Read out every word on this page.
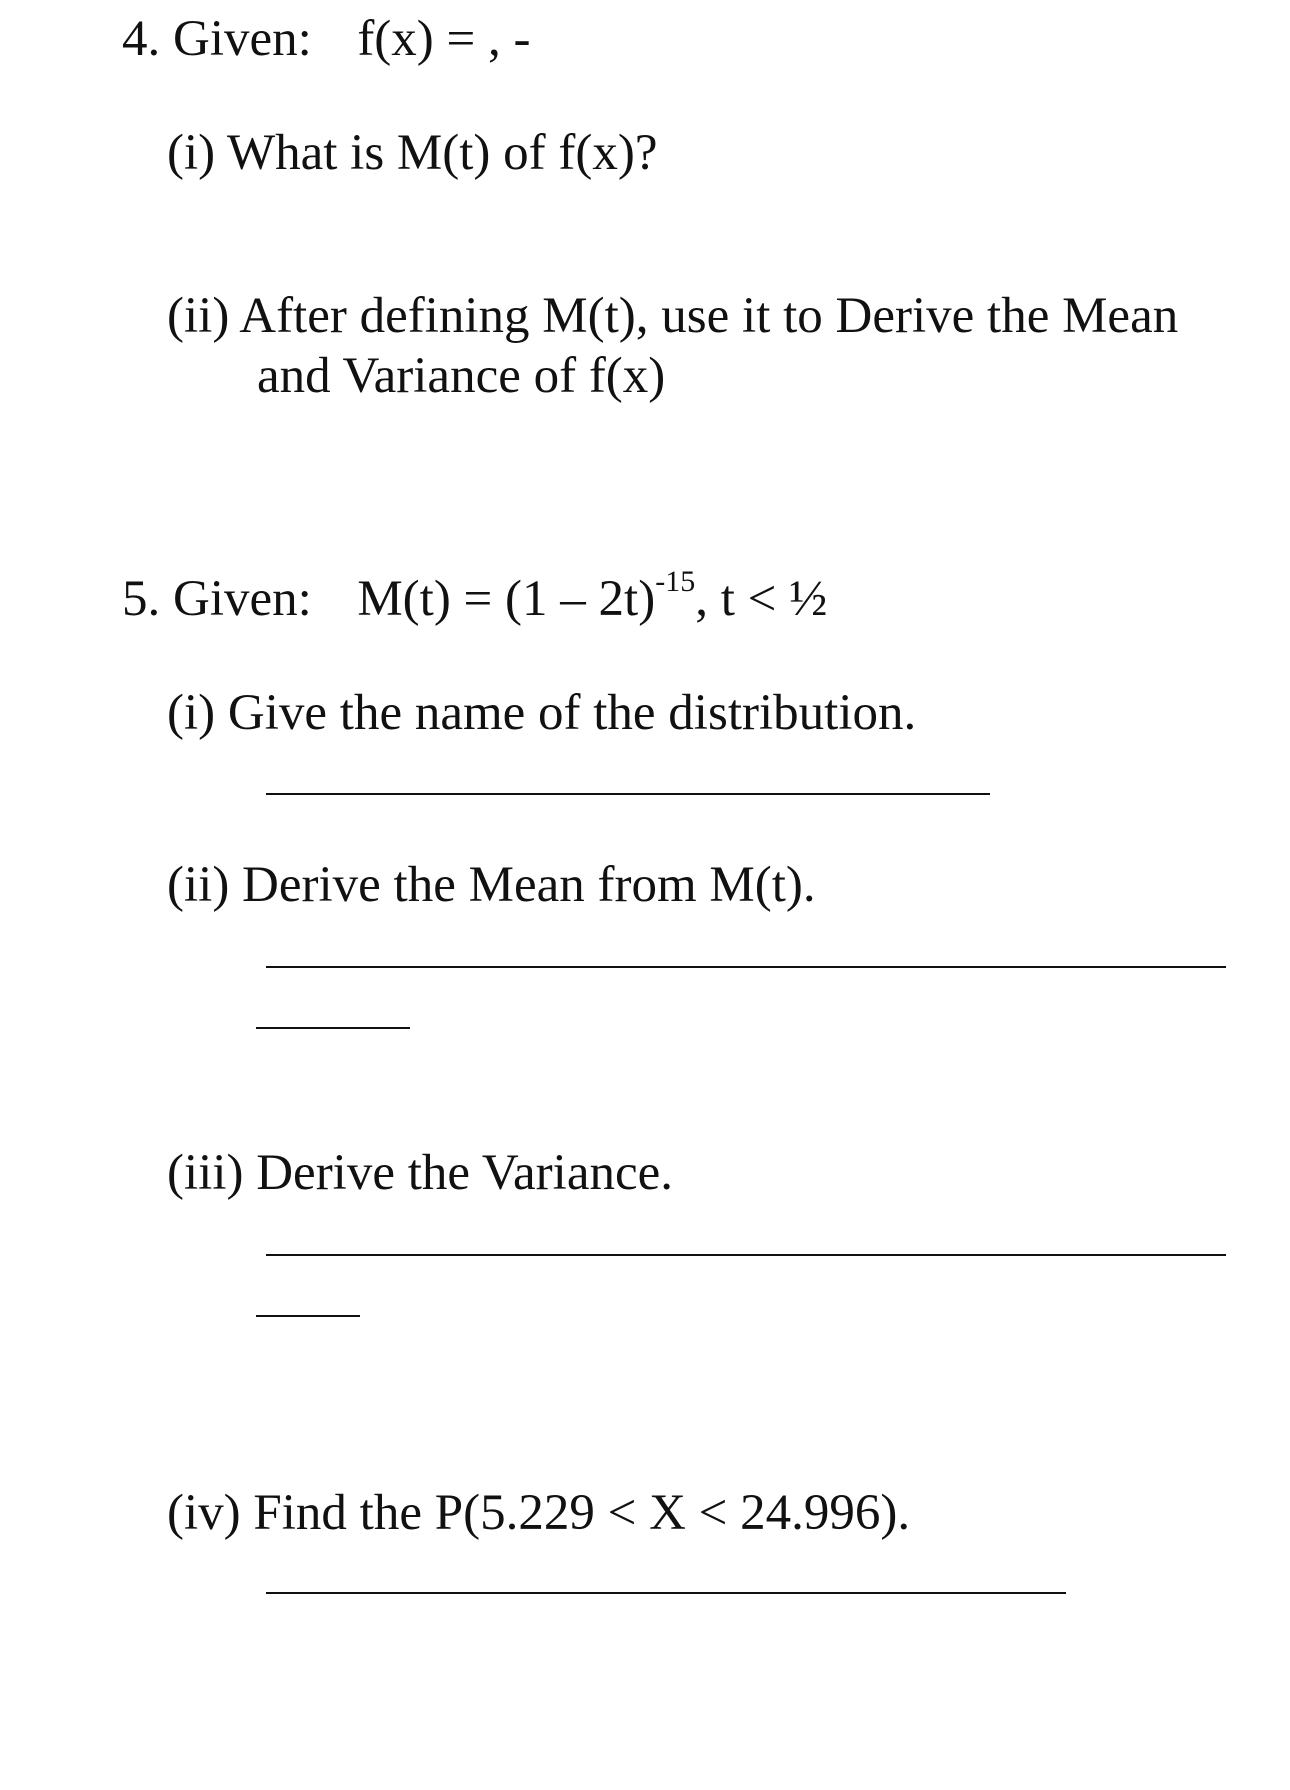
4. Given: f(x) = , -
(i) What is M(t) of f(x)?
(ii) After defining M(t), use it to Derive the Mean
and Variance of f(x)
5. Given: M(t) = (1 – 2t)$^{-15}$, t < ½
(i) Give the name of the distribution.
(ii) Derive the Mean from M(t).
(iii) Derive the Variance.
(iv) Find the P(5.229 < X < 24.996).
